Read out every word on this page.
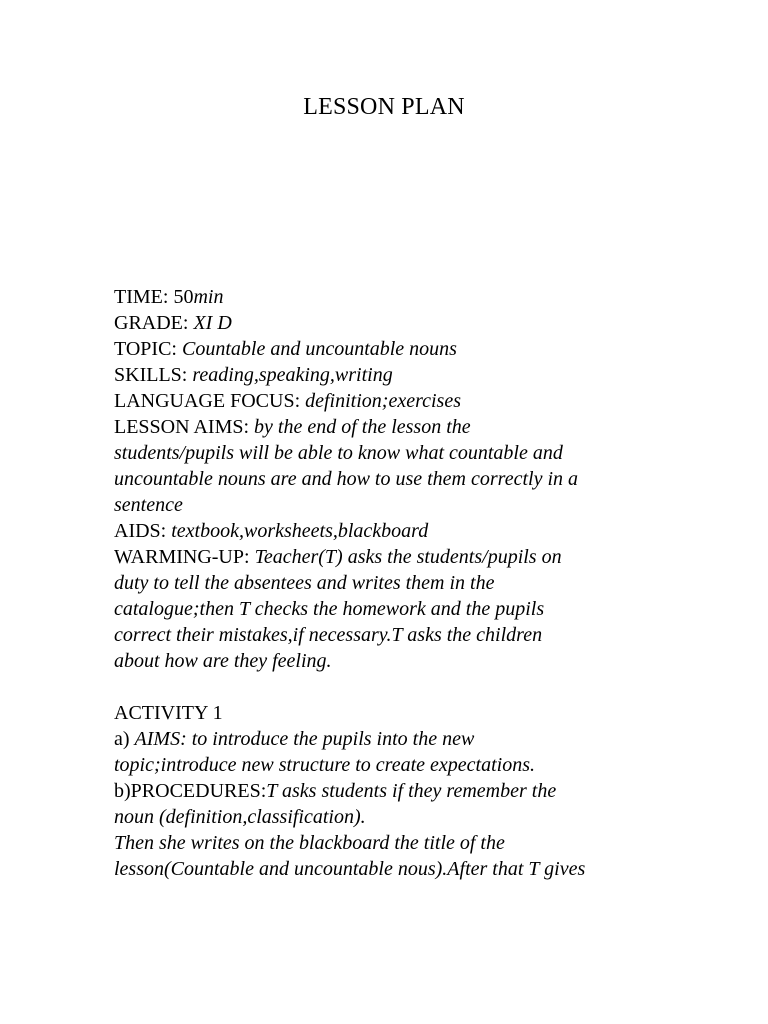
LESSON PLAN
TIME: 50min
GRADE: XI D
TOPIC: Countable and uncountable nouns
SKILLS: reading,speaking,writing
LANGUAGE FOCUS: definition;exercises
LESSON AIMS: by the end of the lesson the
students/pupils will be able to know what countable and
uncountable nouns are and how to use them correctly in a
sentence
AIDS: textbook,worksheets,blackboard
WARMING-UP: Teacher(T) asks the students/pupils on
duty to tell the absentees and writes them in the
catalogue;then T checks the homework and the pupils
correct their mistakes,if necessary.T asks the children
about how are they feeling.
ACTIVITY 1
a) AIMS: to introduce the pupils into the new
topic;introduce new structure to create expectations.
b)PROCEDURES:T asks students if they remember the
noun (definition,classification).
Then she writes on the blackboard the title of the
lesson(Countable and uncountable nous).After that T gives
